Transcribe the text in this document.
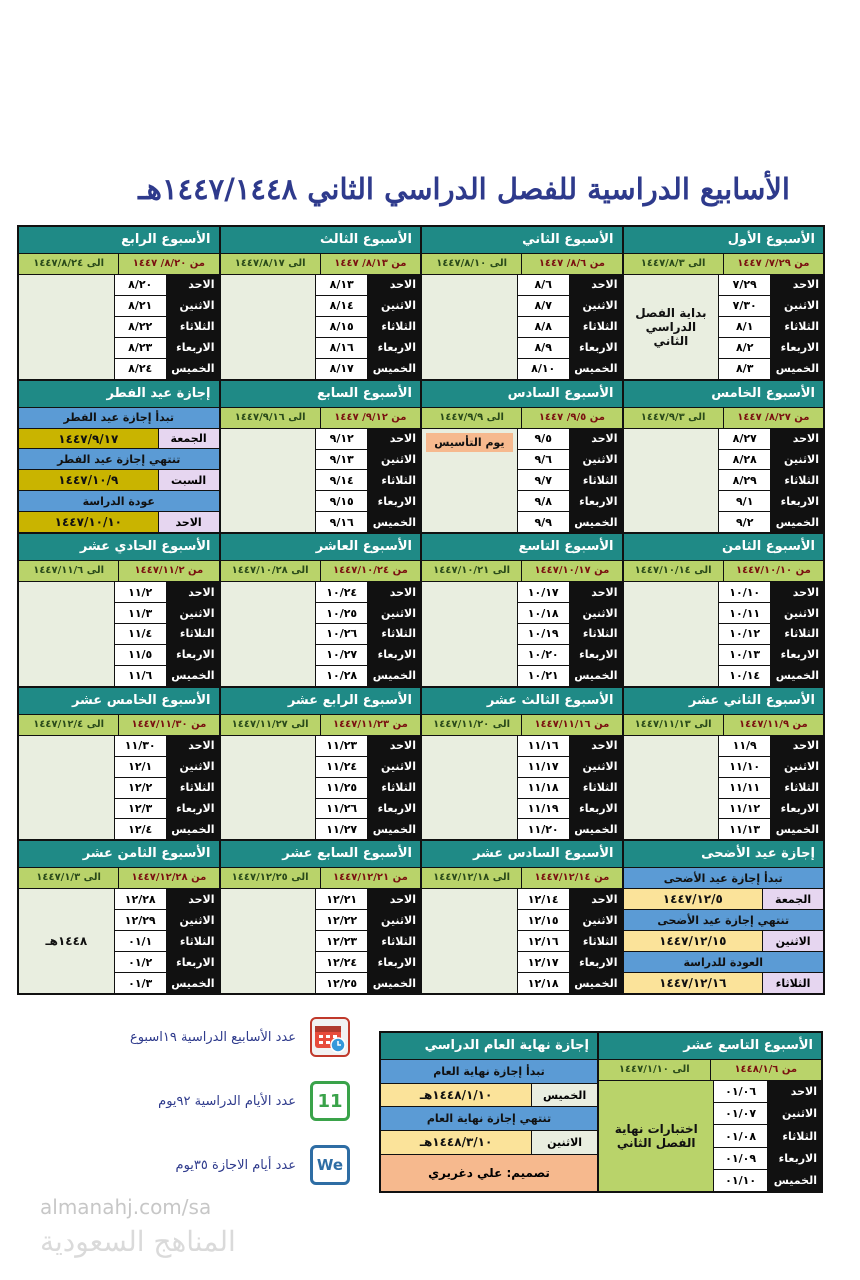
الأسابيع الدراسية للفصل الدراسي الثاني ١٤٤٧/١٤٤٨هـ
الأسبوع الرابع
الى ١٤٤٧/٨/٢٤	من ٨/٢٠/ ١٤٤٧
٨/٢٠	الاحد
٨/٢١	الاثنين
٨/٢٢	الثلاثاء
٨/٢٣	الاربعاء
٨/٢٤	الخميس
الأسبوع الثالث
الى ١٤٤٧/٨/١٧	من ٨/١٣/ ١٤٤٧
٨/١٣	الاحد
٨/١٤	الاثنين
٨/١٥	الثلاثاء
٨/١٦	الاربعاء
٨/١٧	الخميس
الأسبوع الثاني
الى ١٤٤٧/٨/١٠	من ٨/٦/ ١٤٤٧
٨/٦	الاحد
٨/٧	الاثنين
٨/٨	الثلاثاء
٨/٩	الاربعاء
٨/١٠	الخميس
الأسبوع الأول
الى ١٤٤٧/٨/٣	من ٧/٢٩/ ١٤٤٧
بداية الفصل الدراسي الثاني
٧/٢٩	الاحد
٧/٣٠	الاثنين
٨/١	الثلاثاء
٨/٢	الاربعاء
٨/٣	الخميس
إجازة عيد الفطر
تبدأ إجازة عيد الفطر
١٤٤٧/٩/١٧	الجمعة
تنتهي إجازة عيد الفطر
١٤٤٧/١٠/٩	السبت
عودة الدراسة
١٤٤٧/١٠/١٠	الاحد
الأسبوع السابع
الى ١٤٤٧/٩/١٦	من ٩/١٢/ ١٤٤٧
٩/١٢	الاحد
٩/١٣	الاثنين
٩/١٤	الثلاثاء
٩/١٥	الاربعاء
٩/١٦	الخميس
الأسبوع السادس
الى ١٤٤٧/٩/٩	من ٩/٥/ ١٤٤٧
يوم التأسيس	٩/٥	الاحد
٩/٦	الاثنين
٩/٧	الثلاثاء
٩/٨	الاربعاء
٩/٩	الخميس
الأسبوع الخامس
الى ١٤٤٧/٩/٣	من ٨/٢٧/ ١٤٤٧
٨/٢٧	الاحد
٨/٢٨	الاثنين
٨/٢٩	الثلاثاء
٩/١	الاربعاء
٩/٢	الخميس
الأسبوع الحادي عشر
الى ١٤٤٧/١١/٦	من ١٤٤٧/١١/٢
١١/٢	الاحد
١١/٣	الاثنين
١١/٤	الثلاثاء
١١/٥	الاربعاء
١١/٦	الخميس
الأسبوع العاشر
الى ١٤٤٧/١٠/٢٨	من ١٤٤٧/١٠/٢٤
١٠/٢٤	الاحد
١٠/٢٥	الاثنين
١٠/٢٦	الثلاثاء
١٠/٢٧	الاربعاء
١٠/٢٨	الخميس
الأسبوع التاسع
الى ١٤٤٧/١٠/٢١	من ١٤٤٧/١٠/١٧
١٠/١٧	الاحد
١٠/١٨	الاثنين
١٠/١٩	الثلاثاء
١٠/٢٠	الاربعاء
١٠/٢١	الخميس
الأسبوع الثامن
الى ١٤٤٧/١٠/١٤	من ١٤٤٧/١٠/١٠
١٠/١٠	الاحد
١٠/١١	الاثنين
١٠/١٢	الثلاثاء
١٠/١٣	الاربعاء
١٠/١٤	الخميس
الأسبوع الخامس عشر
الى ١٤٤٧/١٢/٤	من ١٤٤٧/١١/٣٠
١١/٣٠	الاحد
١٢/١	الاثنين
١٢/٢	الثلاثاء
١٢/٣	الاربعاء
١٢/٤	الخميس
الأسبوع الرابع عشر
الى ١٤٤٧/١١/٢٧	من ١٤٤٧/١١/٢٣
١١/٢٣	الاحد
١١/٢٤	الاثنين
١١/٢٥	الثلاثاء
١١/٢٦	الاربعاء
١١/٢٧	الخميس
الأسبوع الثالث عشر
الى ١٤٤٧/١١/٢٠	من ١٤٤٧/١١/١٦
١١/١٦	الاحد
١١/١٧	الاثنين
١١/١٨	الثلاثاء
١١/١٩	الاربعاء
١١/٢٠	الخميس
الأسبوع الثاني عشر
الى ١٤٤٧/١١/١٣	من ١٤٤٧/١١/٩
١١/٩	الاحد
١١/١٠	الاثنين
١١/١١	الثلاثاء
١١/١٢	الاربعاء
١١/١٣	الخميس
الأسبوع الثامن عشر
الى ١٤٤٧/١/٣	من ١٤٤٧/١٢/٢٨
١٤٤٨هـ
١٢/٢٨	الاحد
١٢/٢٩	الاثنين
٠١/١	الثلاثاء
٠١/٢	الاربعاء
٠١/٣	الخميس
الأسبوع السابع عشر
الى ١٤٤٧/١٢/٢٥	من ١٤٤٧/١٢/٢١
١٢/٢١	الاحد
١٢/٢٢	الاثنين
١٢/٢٣	الثلاثاء
١٢/٢٤	الاربعاء
١٢/٢٥	الخميس
الأسبوع السادس عشر
الى ١٤٤٧/١٢/١٨	من ١٤٤٧/١٢/١٤
١٢/١٤	الاحد
١٢/١٥	الاثنين
١٢/١٦	الثلاثاء
١٢/١٧	الاربعاء
١٢/١٨	الخميس
إجازة عيد الأضحى
تبدأ إجازة عيد الأضحى
١٤٤٧/١٢/٥	الجمعة
تنتهي إجازة عيد الأضحى
١٤٤٧/١٢/١٥	الاثنين
العودة للدراسة
١٤٤٧/١٢/١٦	الثلاثاء
عدد الأسابيع الدراسية ١٩اسبوع
عدد الأيام الدراسية ٩٢يوم	11
عدد أيام الاجازة ٣٥يوم	We
إجازة نهاية العام الدراسي
تبدأ إجازة نهاية العام
١٤٤٨/١/١٠هـ	الخميس
تنتهي إجازة نهاية العام
١٤٤٨/٣/١٠هـ	الاثنين
تصميم: علي دغريري
الأسبوع التاسع عشر
الى ١٤٤٧/١/١٠	من ١٤٤٨/١/٦
اختبارات نهاية الفصل الثاني
٠١/٠٦	الاحد
٠١/٠٧	الاثنين
٠١/٠٨	الثلاثاء
٠١/٠٩	الاربعاء
٠١/١٠	الخميس
almanahj.com/sa
المناهج السعودية
